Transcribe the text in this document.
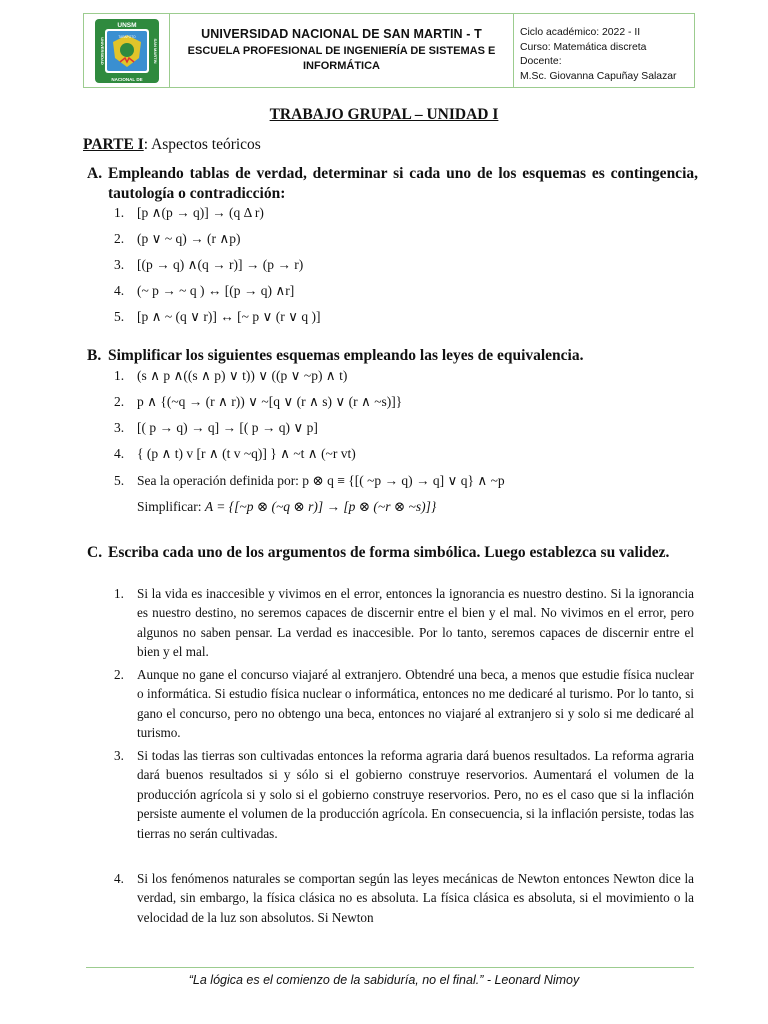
UNSM
NACIONAL DE
TARAPOTO
UNIVERSIDAD	SAN MARTIN
UNIVERSIDAD NACIONAL DE SAN MARTIN - T
ESCUELA PROFESIONAL DE INGENIERÍA DE SISTEMAS E INFORMÁTICA
Ciclo académico: 2022 - II
Curso: Matemática discreta
Docente:
M.Sc. Giovanna Capuñay Salazar
TRABAJO GRUPAL – UNIDAD I
PARTE I: Aspectos teóricos
A. Empleando tablas de verdad, determinar si cada uno de los esquemas es contingencia, tautología o contradicción:
1. [p ∧(p → q)] → (q Δ r)
2. (p ∨ ~ q) → (r ∧p)
3. [(p → q) ∧(q → r)] → (p → r)
4. (~ p → ~ q ) ↔ [(p → q) ∧r]
5. [p ∧ ~ (q ∨ r)] ↔ [~ p ∨ (r ∨ q )]
B. Simplificar los siguientes esquemas empleando las leyes de equivalencia.
1. (s ∧ p ∧((s ∧ p) ∨ t)) ∨ ((p ∨ ~p) ∧ t)
2. p ∧ {(~q → (r ∧ r)) ∨ ~[q ∨ (r ∧ s) ∨ (r ∧ ~s)]}
3. [( p → q) → q] → [( p → q) ∨ p]
4. { (p ∧ t) v [r ∧ (t v ~q)] } ∧ ~t ∧ (~r vt)
5. Sea la operación definida por: p ⊗ q ≡ {[( ~p → q) → q] ∨ q} ∧ ~p
Simplificar: A = {[~p ⊗ (~q ⊗ r)] → [p ⊗ (~r ⊗ ~s)]}
C. Escriba cada uno de los argumentos de forma simbólica. Luego establezca su validez.
1. Si la vida es inaccesible y vivimos en el error, entonces la ignorancia es nuestro destino. Si la ignorancia es nuestro destino, no seremos capaces de discernir entre el bien y el mal. No vivimos en el error, pero algunos no saben pensar. La verdad es inaccesible. Por lo tanto, seremos capaces de discernir entre el bien y el mal.
2. Aunque no gane el concurso viajaré al extranjero. Obtendré una beca, a menos que estudie física nuclear o informática. Si estudio física nuclear o informática, entonces no me dedicaré al turismo. Por lo tanto, si gano el concurso, pero no obtengo una beca, entonces no viajaré al extranjero si y solo si me dedicaré al turismo.
3. Si todas las tierras son cultivadas entonces la reforma agraria dará buenos resultados. La reforma agraria dará buenos resultados si y sólo si el gobierno construye reservorios. Aumentará el volumen de la producción agrícola si y solo si el gobierno construye reservorios. Pero, no es el caso que si la inflación persiste aumente el volumen de la producción agrícola. En consecuencia, si la inflación persiste, todas las tierras no serán cultivadas.
4. Si los fenómenos naturales se comportan según las leyes mecánicas de Newton entonces Newton dice la verdad, sin embargo, la física clásica no es absoluta. La física clásica es absoluta, si el movimiento o la velocidad de la luz son absolutos. Si Newton
“La lógica es el comienzo de la sabiduría, no el final.” - Leonard Nimoy
